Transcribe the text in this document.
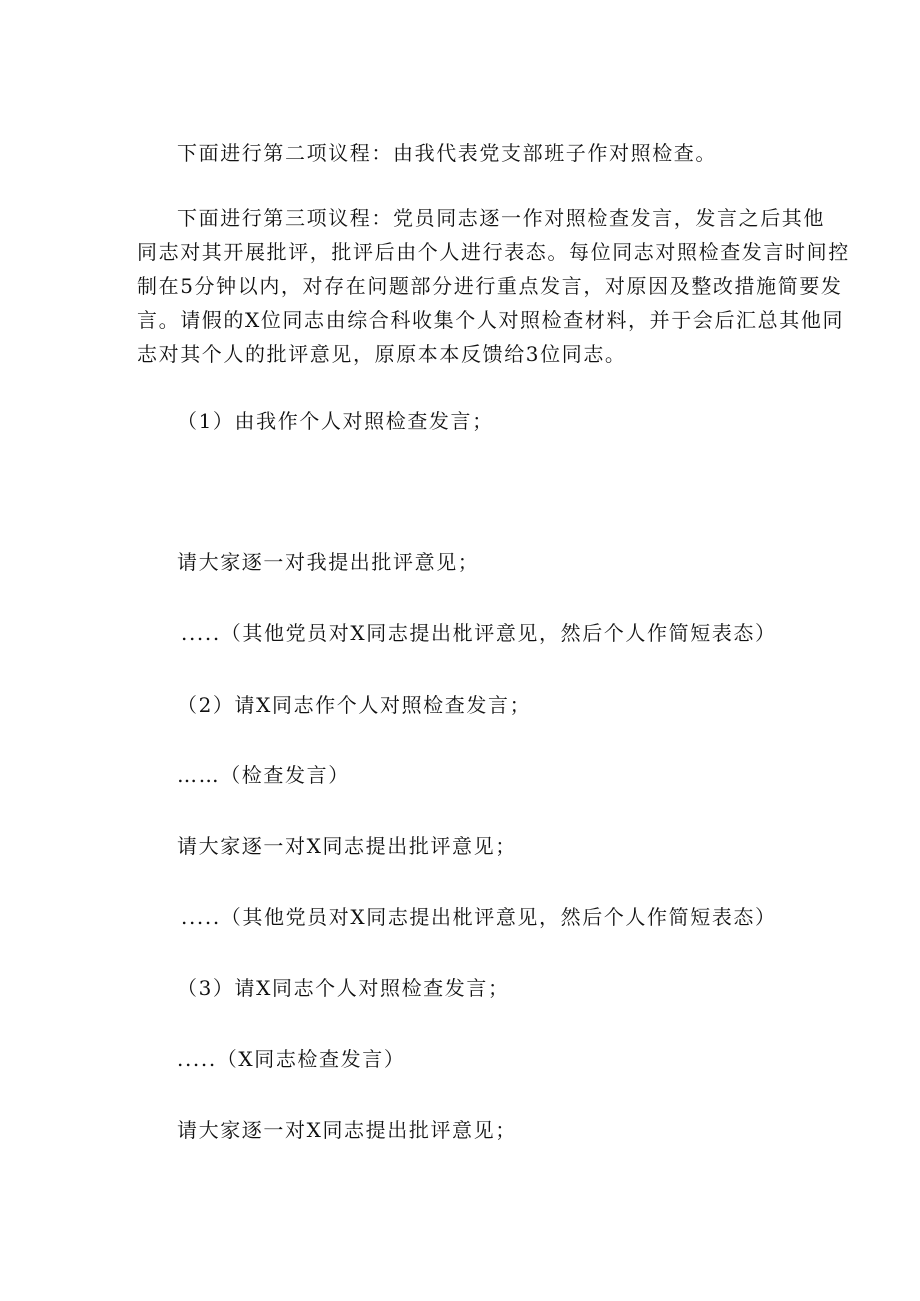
下面进行第二项议程：由我代表党支部班子作对照检查。
下面进行第三项议程：党员同志逐一作对照检查发言，发言之后其他
同志对其开展批评，批评后由个人进行表态。每位同志对照检查发言时间控
制在5分钟以内，对存在问题部分进行重点发言，对原因及整改措施简要发
言。请假的X位同志由综合科收集个人对照检查材料，并于会后汇总其他同
志对其个人的批评意见，原原本本反馈给3位同志。
（1）由我作个人对照检查发言；
请大家逐一对我提出批评意见；
.....（其他党员对X同志提出枇评意见，然后个人作简短表态）
（2）请X同志作个人对照检查发言；
……（检查发言）
请大家逐一对X同志提出批评意见；
.....（其他党员对X同志提出枇评意见，然后个人作简短表态）
（3）请X同志个人对照检查发言；
.....（X同志检查发言）
请大家逐一对X同志提出批评意见；
